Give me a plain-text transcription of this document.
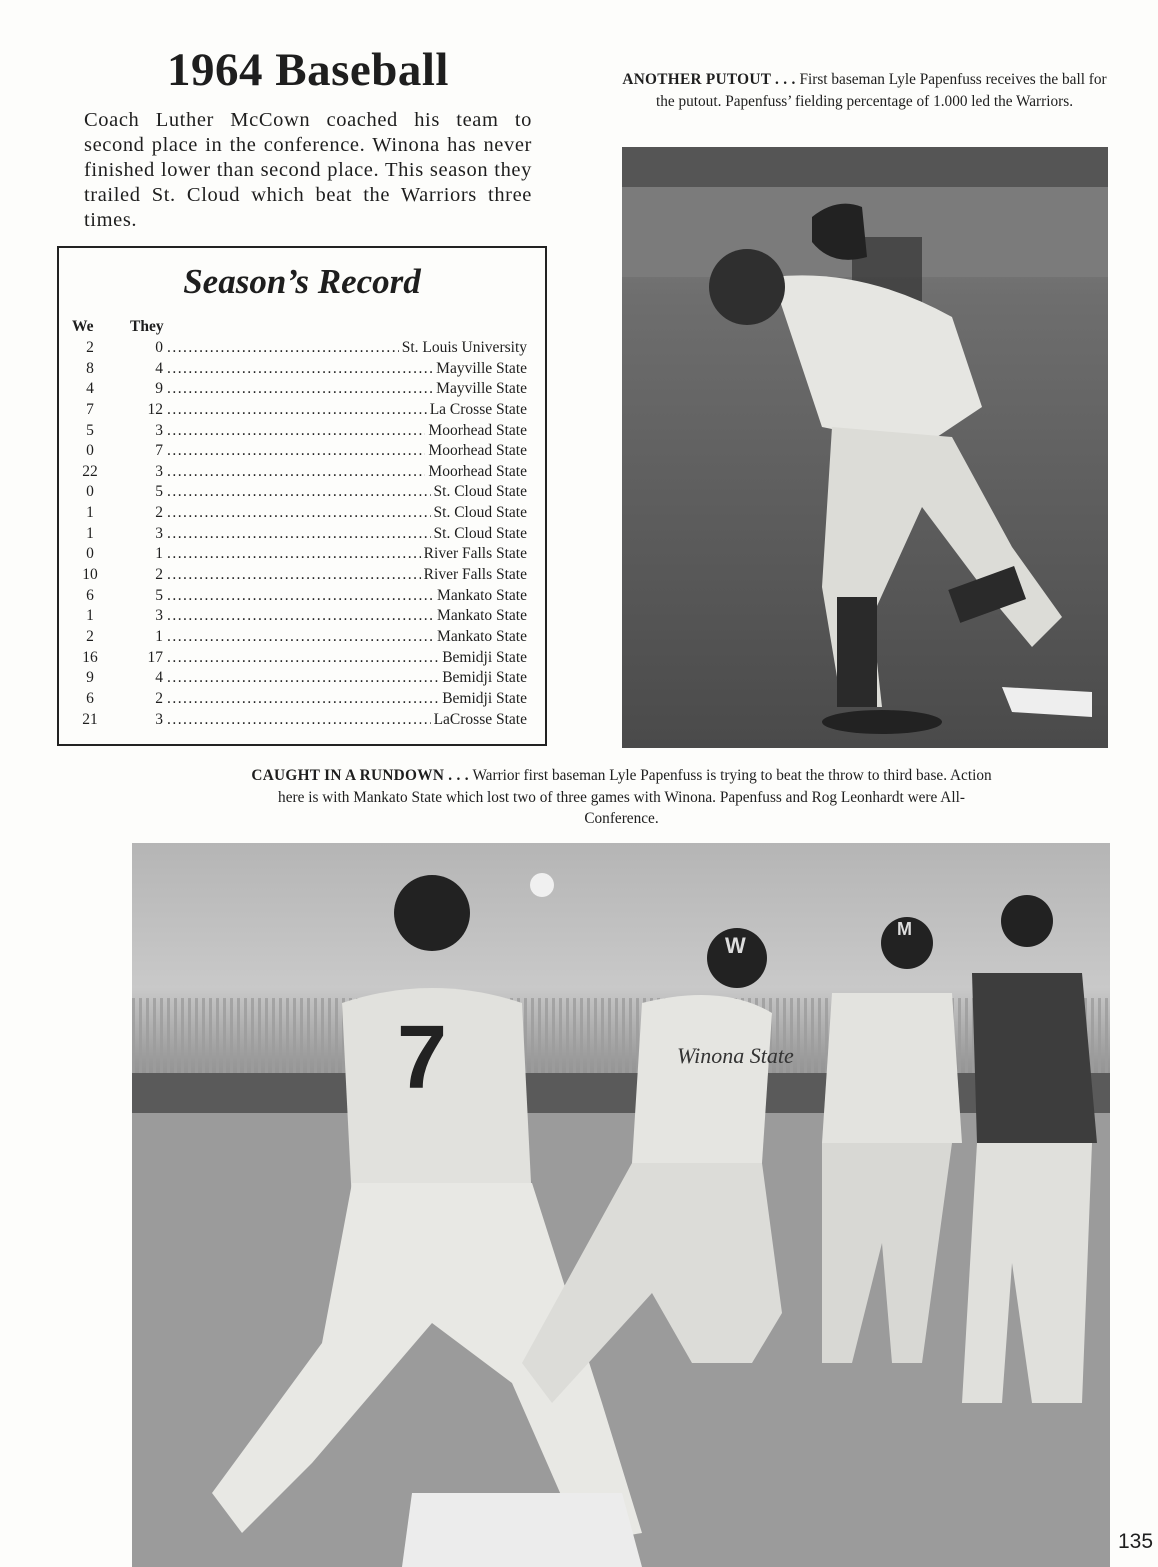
1964 Baseball
Coach Luther McCown coached his team to second place in the conference. Winona has never finished lower than second place. This season they trailed St. Cloud which beat the Warriors three times.
Season’s Record
We They
2	0 . . .	St. Louis University
8	4 . . .	Mayville State
4	9 . . .	Mayville State
7	12 . . .	La Crosse State
5	3 . . .	Moorhead State
0	7 . . .	Moorhead State
22	3 . . .	Moorhead State
0	5 . . .	St. Cloud State
1	2 . . .	St. Cloud State
1	3 . . .	St. Cloud State
0	1 . . .	River Falls State
10	2 . . .	River Falls State
6	5 . . .	Mankato State
1	3 . . .	Mankato State
2	1 . . .	Mankato State
16	17 . . .	Bemidji State
9	4 . . .	Bemidji State
6	2 . . .	Bemidji State
21	3 . . .	LaCrosse State
ANOTHER PUTOUT . . . First baseman Lyle Papenfuss receives the ball for the putout. Papenfuss’ fielding percentage of 1.000 led the Warriors.
CAUGHT IN A RUNDOWN . . . Warrior first baseman Lyle Papenfuss is trying to beat the throw to third base. Action here is with Mankato State which lost two of three games with Winona. Papenfuss and Rog Leonhardt were All-Conference.
7
W
Winona State
M
135
